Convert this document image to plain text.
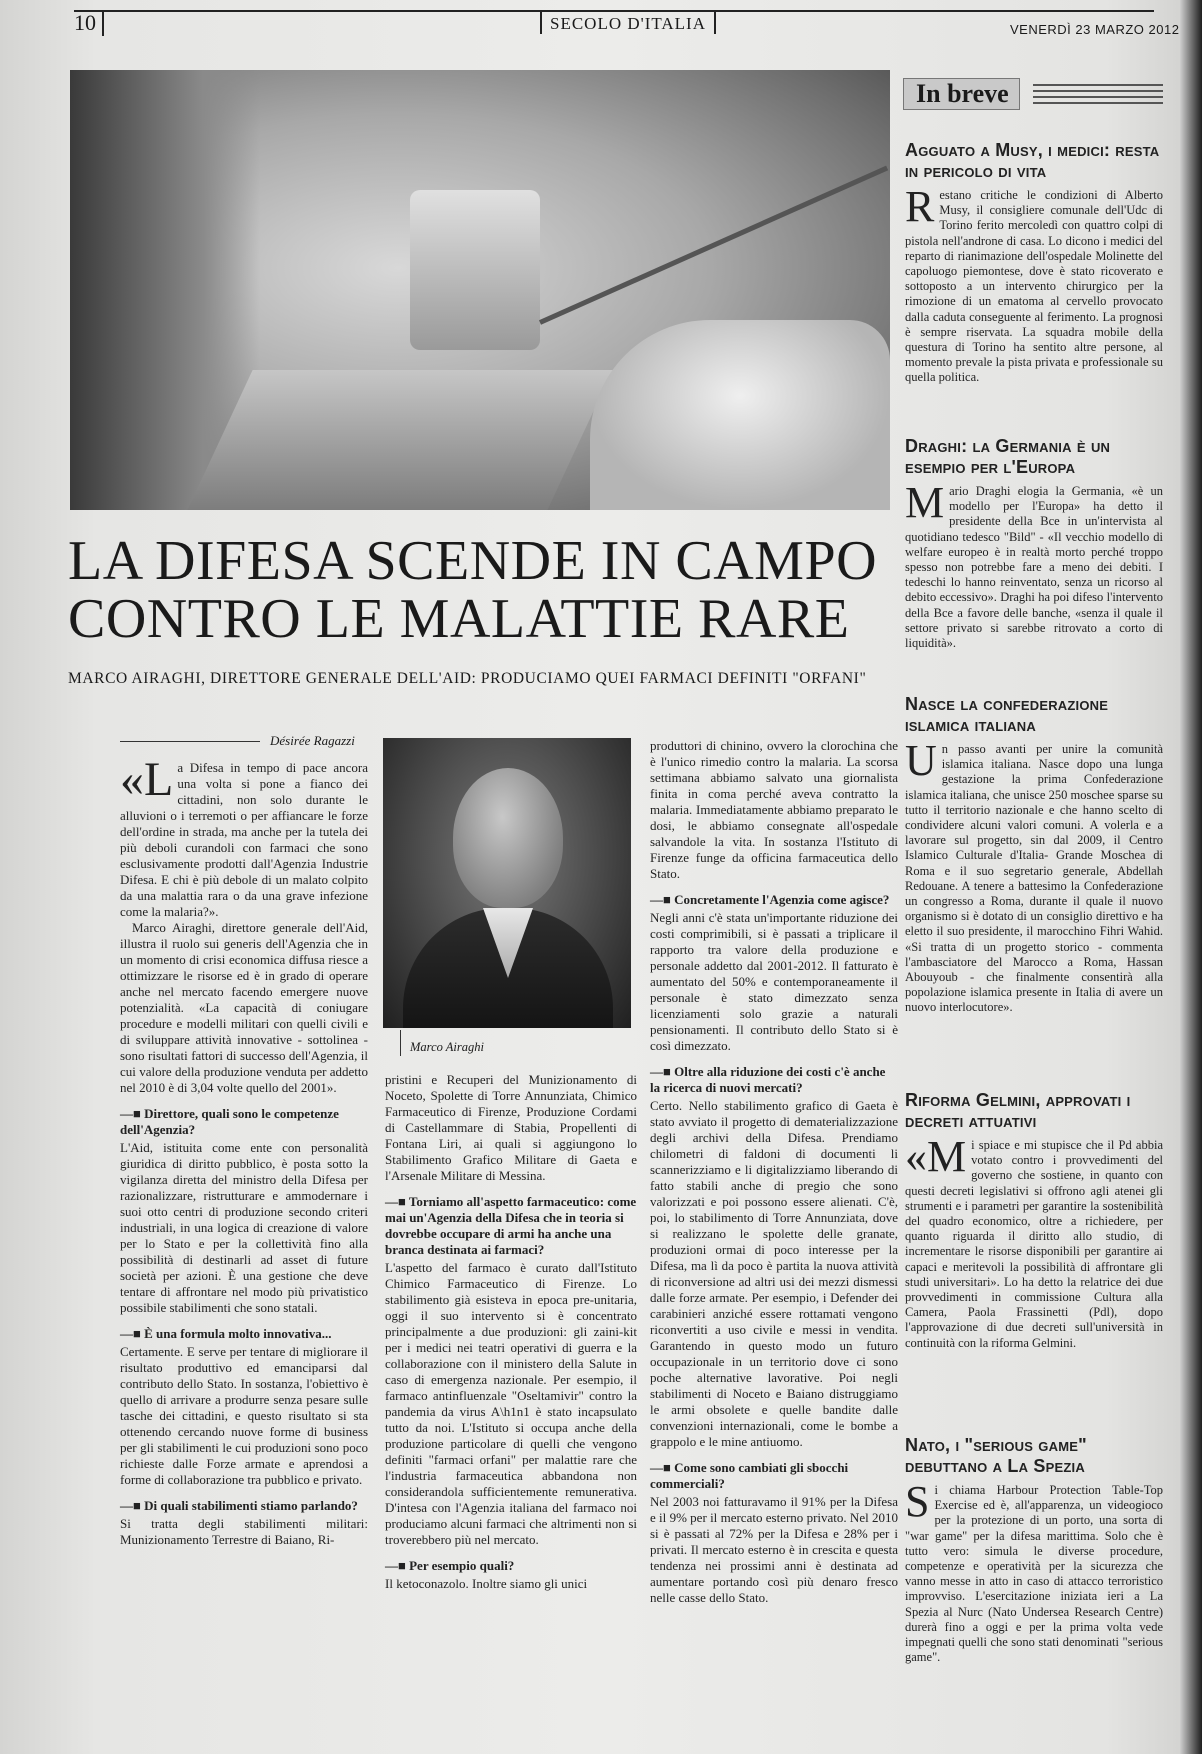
10	SECOLO D'ITALIA	VENERDÌ 23 MARZO 2012
LA DIFESA SCENDE IN CAMPO
CONTRO LE MALATTIE RARE
MARCO AIRAGHI, DIRETTORE GENERALE DELL'AID: PRODUCIAMO QUEI FARMACI DEFINITI "ORFANI"
Désirée Ragazzi

«La Difesa in tempo di pace ancora una volta si pone a fianco dei cittadini, non solo durante le alluvioni o i terremoti o per affiancare le forze dell'ordine in strada, ma anche per la tutela dei più deboli curandoli con farmaci che sono esclusivamente prodotti dall'Agenzia Industrie Difesa. E chi è più debole di un malato colpito da una malattia rara o da una grave infezione come la malaria?».

Marco Airaghi, direttore generale dell'Aid, illustra il ruolo sui generis dell'Agenzia che in un momento di crisi economica diffusa riesce a ottimizzare le risorse ed è in grado di operare anche nel mercato facendo emergere nuove potenzialità. «La capacità di coniugare procedure e modelli militari con quelli civili e di sviluppare attività innovative - sottolinea - sono risultati fattori di successo dell'Agenzia, il cui valore della produzione venduta per addetto nel 2010 è di 3,04 volte quello del 2001».

—■ Direttore, quali sono le competenze dell'Agenzia?

L'Aid, istituita come ente con personalità giuridica di diritto pubblico, è posta sotto la vigilanza diretta del ministro della Difesa per razionalizzare, ristrutturare e ammodernare i suoi otto centri di produzione secondo criteri industriali, in una logica di creazione di valore per lo Stato e per la collettività fino alla possibilità di destinarli ad asset di future società per azioni. È una gestione che deve tentare di affrontare nel modo più privatistico possibile stabilimenti che sono statali.

—■ È una formula molto innovativa...

Certamente. E serve per tentare di migliorare il risultato produttivo ed emanciparsi dal contributo dello Stato. In sostanza, l'obiettivo è quello di arrivare a produrre senza pesare sulle tasche dei cittadini, e questo risultato si sta ottenendo cercando nuove forme di business per gli stabilimenti le cui produzioni sono poco richieste dalle Forze armate e aprendosi a forme di collaborazione tra pubblico e privato.

—■ Di quali stabilimenti stiamo parlando?

Si tratta degli stabilimenti militari: Munizionamento Terrestre di Baiano, Ri-

Marco Airaghi

pristini e Recuperi del Munizionamento di Noceto, Spolette di Torre Annunziata, Chimico Farmaceutico di Firenze, Produzione Cordami di Castellammare di Stabia, Propellenti di Fontana Liri, ai quali si aggiungono lo Stabilimento Grafico Militare di Gaeta e l'Arsenale Militare di Messina.

—■ Torniamo all'aspetto farmaceutico: come mai un'Agenzia della Difesa che in teoria si dovrebbe occupare di armi ha anche una branca destinata ai farmaci?

L'aspetto del farmaco è curato dall'Istituto Chimico Farmaceutico di Firenze. Lo stabilimento già esisteva in epoca pre-unitaria, oggi il suo intervento si è concentrato principalmente a due produzioni: gli zaini-kit per i medici nei teatri operativi di guerra e la collaborazione con il ministero della Salute in caso di emergenza nazionale. Per esempio, il farmaco antinfluenzale "Oseltamivir" contro la pandemia da virus A\h1n1 è stato incapsulato tutto da noi. L'Istituto si occupa anche della produzione particolare di quelli che vengono definiti "farmaci orfani" per malattie rare che l'industria farmaceutica abbandona non considerandola sufficientemente remunerativa. D'intesa con l'Agenzia italiana del farmaco noi produciamo alcuni farmaci che altrimenti non si troverebbero più nel mercato.

—■ Per esempio quali?

Il ketoconazolo. Inoltre siamo gli unici

produttori di chinino, ovvero la clorochina che è l'unico rimedio contro la malaria. La scorsa settimana abbiamo salvato una giornalista finita in coma perché aveva contratto la malaria. Immediatamente abbiamo preparato le dosi, le abbiamo consegnate all'ospedale salvandole la vita. In sostanza l'Istituto di Firenze funge da officina farmaceutica dello Stato.

—■ Concretamente l'Agenzia come agisce?

Negli anni c'è stata un'importante riduzione dei costi comprimibili, si è passati a triplicare il rapporto tra valore della produzione e personale addetto dal 2001-2012. Il fatturato è aumentato del 50% e contemporaneamente il personale è stato dimezzato senza licenziamenti solo grazie a naturali pensionamenti. Il contributo dello Stato si è così dimezzato.

—■ Oltre alla riduzione dei costi c'è anche la ricerca di nuovi mercati?

Certo. Nello stabilimento grafico di Gaeta è stato avviato il progetto di dematerializzazione degli archivi della Difesa. Prendiamo chilometri di faldoni di documenti li scannerizziamo e li digitalizziamo liberando di fatto stabili anche di pregio che sono valorizzati e poi possono essere alienati. C'è, poi, lo stabilimento di Torre Annunziata, dove si realizzano le spolette delle granate, produzioni ormai di poco interesse per la Difesa, ma lì da poco è partita la nuova attività di riconversione ad altri usi dei mezzi dismessi dalle forze armate. Per esempio, i Defender dei carabinieri anziché essere rottamati vengono riconvertiti a uso civile e messi in vendita. Garantendo in questo modo un futuro occupazionale in un territorio dove ci sono poche alternative lavorative. Poi negli stabilimenti di Noceto e Baiano distruggiamo le armi obsolete e quelle bandite dalle convenzioni internazionali, come le bombe a grappolo e le mine antiuomo.

—■ Come sono cambiati gli sbocchi commerciali?

Nel 2003 noi fatturavamo il 91% per la Difesa e il 9% per il mercato esterno privato. Nel 2010 si è passati al 72% per la Difesa e 28% per i privati. Il mercato esterno è in crescita e questa tendenza nei prossimi anni è destinata ad aumentare portando così più denaro fresco nelle casse dello Stato.

In breve
Agguato a Musy, i medici: resta in pericolo di vita
Restano critiche le condizioni di Alberto Musy, il consigliere comunale dell'Udc di Torino ferito mercoledì con quattro colpi di pistola nell'androne di casa. Lo dicono i medici del reparto di rianimazione dell'ospedale Molinette del capoluogo piemontese, dove è stato ricoverato e sottoposto a un intervento chirurgico per la rimozione di un ematoma al cervello provocato dalla caduta conseguente al ferimento. La prognosi è sempre riservata. La squadra mobile della questura di Torino ha sentito altre persone, al momento prevale la pista privata e professionale su quella politica.
Draghi: la Germania è un esempio per l'Europa
Mario Draghi elogia la Germania, «è un modello per l'Europa» ha detto il presidente della Bce in un'intervista al quotidiano tedesco "Bild" - «Il vecchio modello di welfare europeo è in realtà morto perché troppo spesso non potrebbe fare a meno dei debiti. I tedeschi lo hanno reinventato, senza un ricorso al debito eccessivo». Draghi ha poi difeso l'intervento della Bce a favore delle banche, «senza il quale il settore privato si sarebbe ritrovato a corto di liquidità».
Nasce la confederazione islamica italiana
Un passo avanti per unire la comunità islamica italiana. Nasce dopo una lunga gestazione la prima Confederazione islamica italiana, che unisce 250 moschee sparse su tutto il territorio nazionale e che hanno scelto di condividere alcuni valori comuni. A volerla e a lavorare sul progetto, sin dal 2009, il Centro Islamico Culturale d'Italia- Grande Moschea di Roma e il suo segretario generale, Abdellah Redouane. A tenere a battesimo la Confederazione un congresso a Roma, durante il quale il nuovo organismo si è dotato di un consiglio direttivo e ha eletto il suo presidente, il marocchino Fihri Wahid. «Si tratta di un progetto storico - commenta l'ambasciatore del Marocco a Roma, Hassan Abouyoub - che finalmente consentirà alla popolazione islamica presente in Italia di avere un nuovo interlocutore».
Riforma Gelmini, approvati i decreti attuativi
«Mi spiace e mi stupisce che il Pd abbia votato contro i provvedimenti del governo che sostiene, in quanto con questi decreti legislativi si offrono agli atenei gli strumenti e i parametri per garantire la sostenibilità del quadro economico, oltre a richiedere, per quanto riguarda il diritto allo studio, di incrementare le risorse disponibili per garantire ai capaci e meritevoli la possibilità di affrontare gli studi universitari». Lo ha detto la relatrice dei due provvedimenti in commissione Cultura alla Camera, Paola Frassinetti (Pdl), dopo l'approvazione di due decreti sull'università in continuità con la riforma Gelmini.
Nato, i "serious game" debuttano a La Spezia
Si chiama Harbour Protection Table-Top Exercise ed è, all'apparenza, un videogioco per la protezione di un porto, una sorta di "war game" per la difesa marittima. Solo che è tutto vero: simula le diverse procedure, competenze e operatività per la sicurezza che vanno messe in atto in caso di attacco terroristico improvviso. L'esercitazione iniziata ieri a La Spezia al Nurc (Nato Undersea Research Centre) durerà fino a oggi e per la prima volta vede impegnati quelli che sono stati denominati "serious game".
